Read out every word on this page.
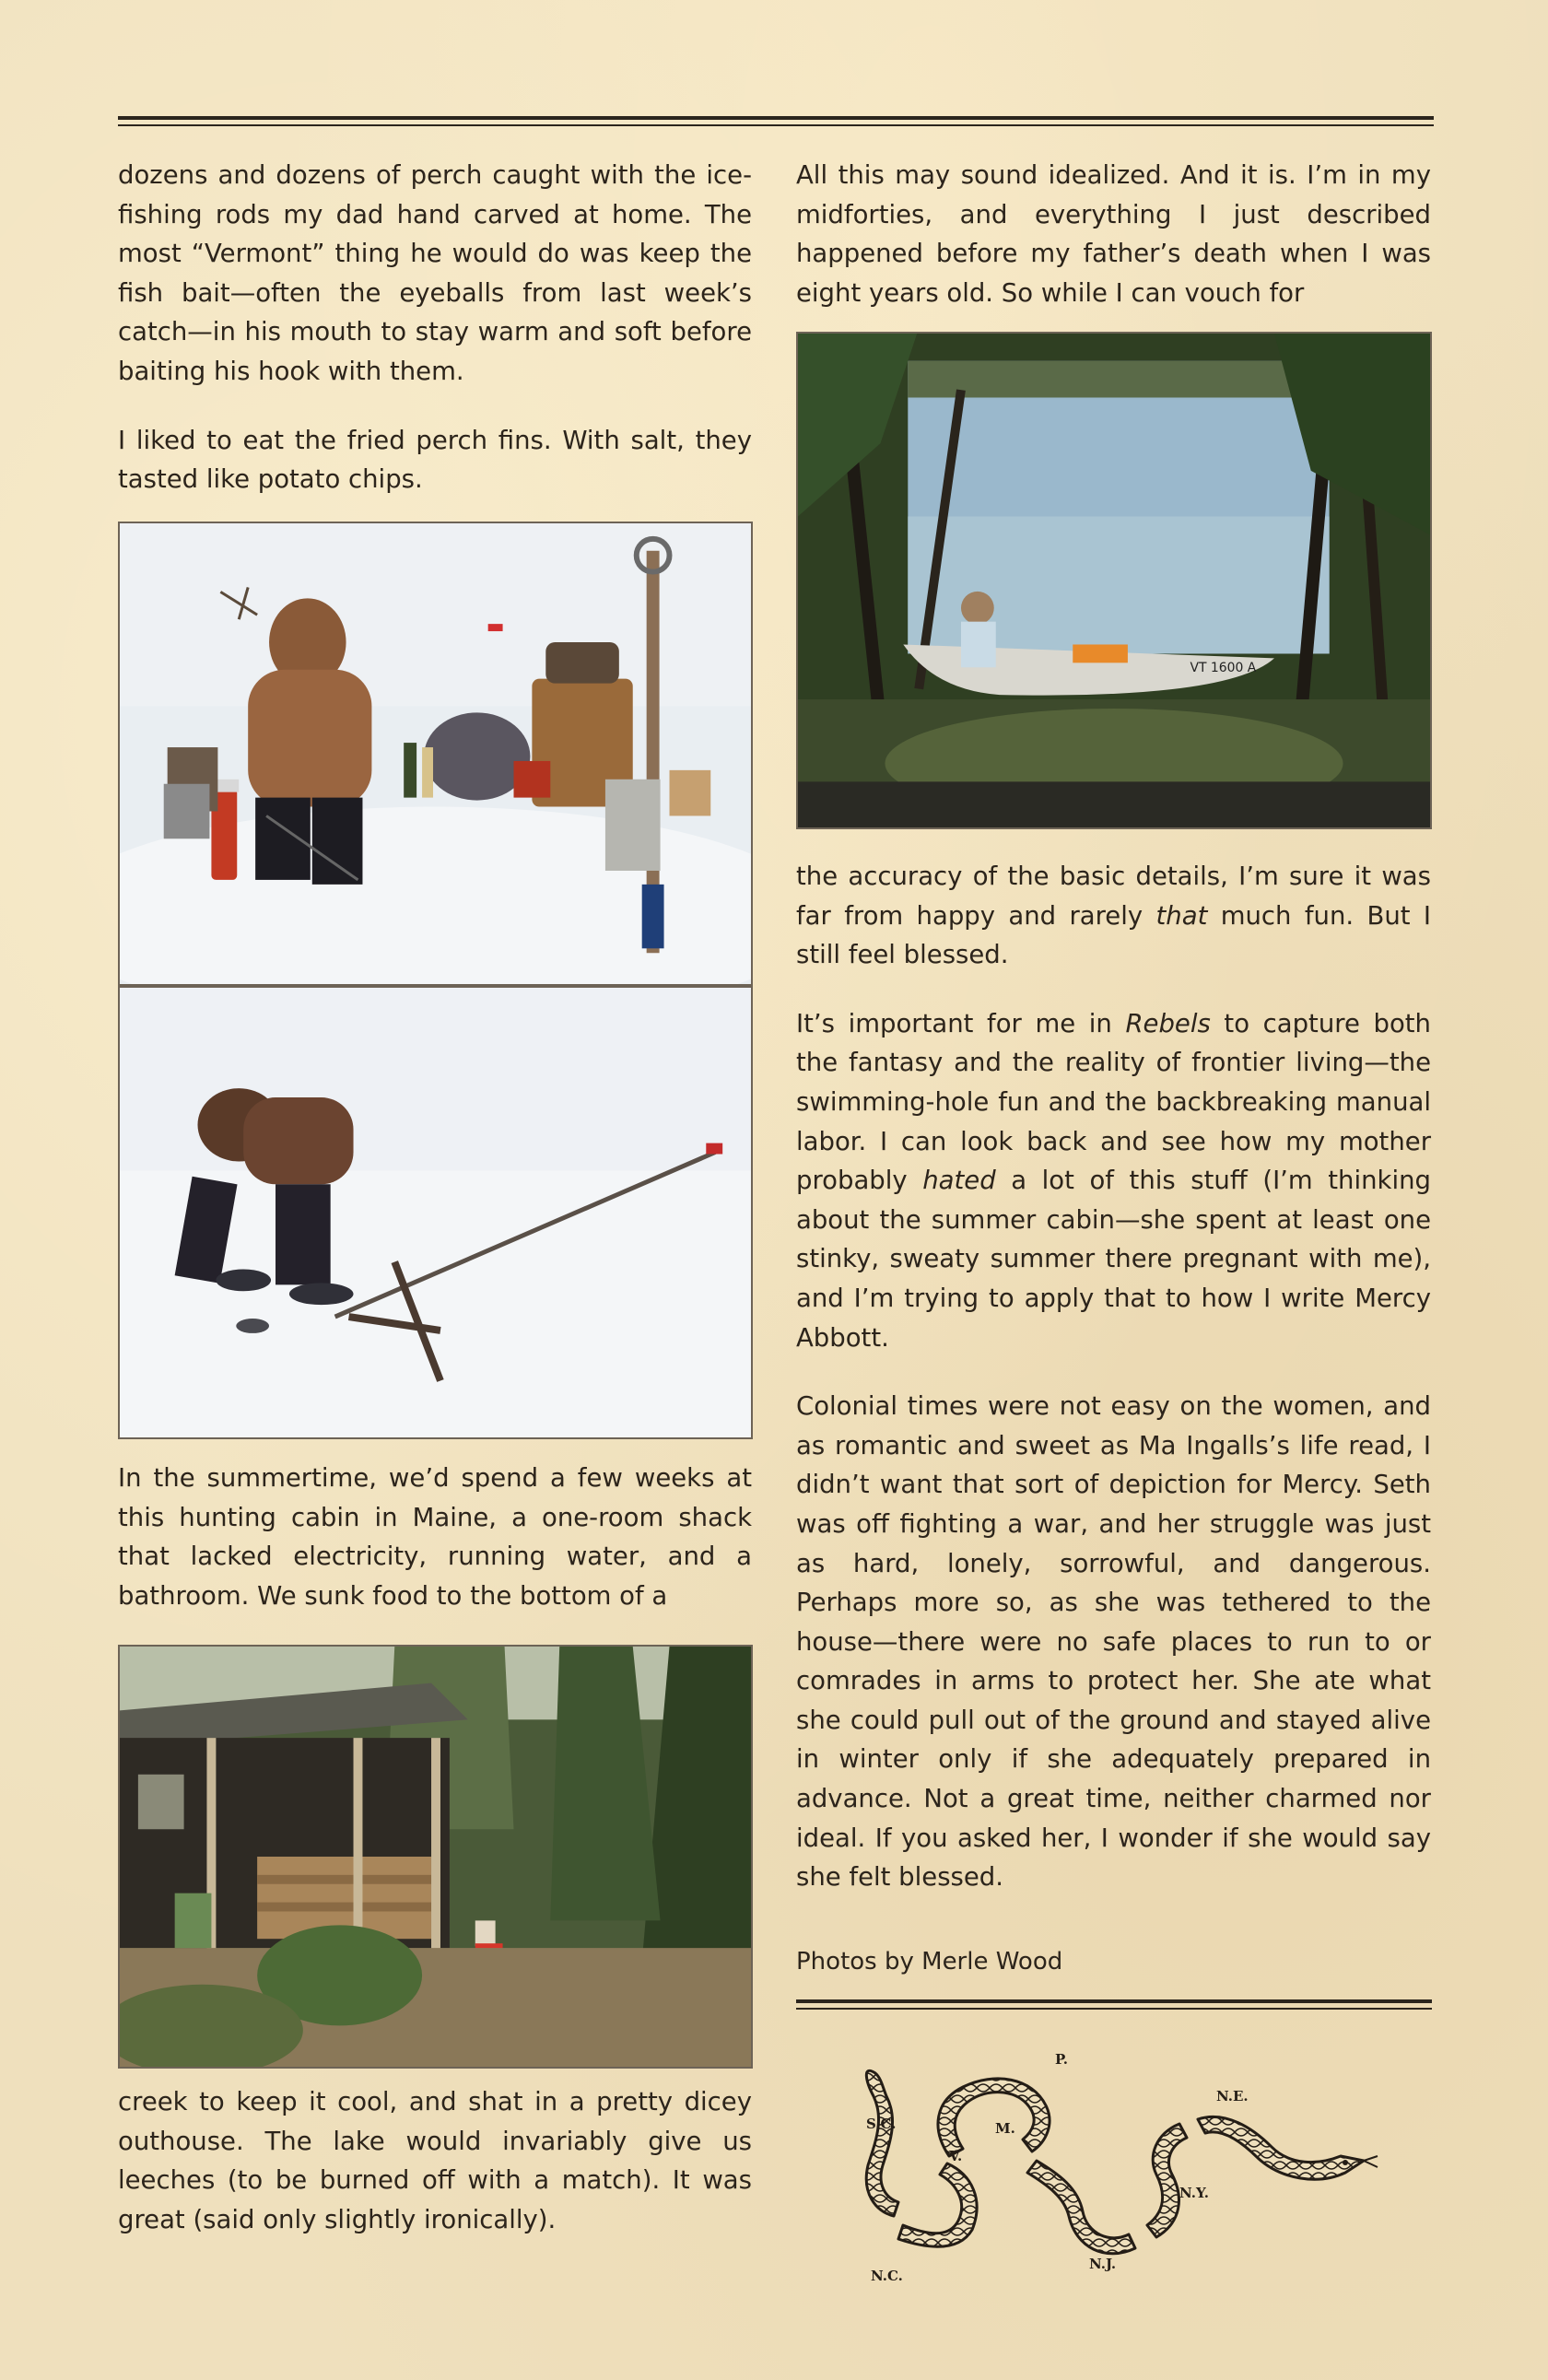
dozens and dozens of perch caught with the ice-fishing rods my dad hand carved at home. The most “Vermont” thing he would do was keep the fish bait—often the eyeballs from last week’s catch—in his mouth to stay warm and soft before baiting his hook with them.

I liked to eat the fried perch fins. With salt, they tasted like potato chips.

In the summertime, we’d spend a few weeks at this hunting cabin in Maine, a one-room shack that lacked electricity, running water, and a bathroom. We sunk food to the bottom of a

creek to keep it cool, and shat in a pretty dicey outhouse. The lake would invariably give us leeches (to be burned off with a match). It was great (said only slightly ironically).

All this may sound idealized. And it is. I’m in my midforties, and everything I just described happened before my father’s death when I was eight years old. So while I can vouch for

VT 1600 A

the accuracy of the basic details, I’m sure it was far from happy and rarely that much fun. But I still feel blessed.

It’s important for me in Rebels to capture both the fantasy and the reality of frontier living—the swimming-hole fun and the backbreaking manual labor. I can look back and see how my mother probably hated a lot of this stuff (I’m thinking about the summer cabin—she spent at least one stinky, sweaty summer there pregnant with me), and I’m trying to apply that to how I write Mercy Abbott.

Colonial times were not easy on the women, and as romantic and sweet as Ma Ingalls’s life read, I didn’t want that sort of depiction for Mercy. Seth was off fighting a war, and her struggle was just as hard, lonely, sorrowful, and dangerous. Perhaps more so, as she was tethered to the house—there were no safe places to run to or comrades in arms to protect her. She ate what she could pull out of the ground and stayed alive in winter only if she adequately prepared in advance. Not a great time, neither charmed nor ideal. If you asked her, I wonder if she would say she felt blessed.

Photos by Merle Wood
N.E.
N.Y.
N.J.
P.
M.
V.
S.C.
N.C.
